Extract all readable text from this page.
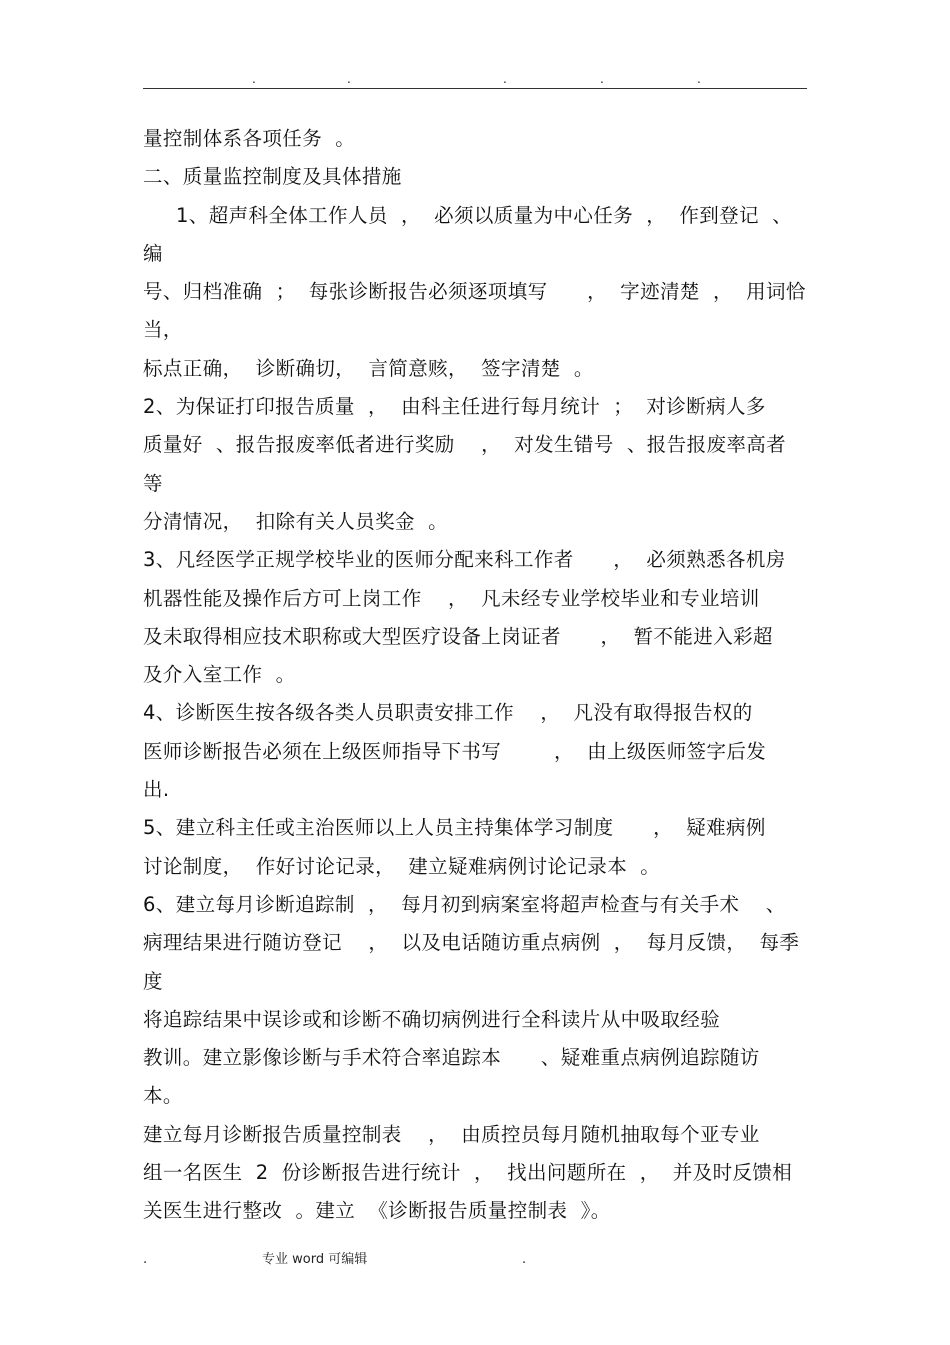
.	.	.	.	.
量控制体系各项任务  。
二、质量监控制度及具体措施
1、超声科全体工作人员  ，  必须以质量为中心任务  ，  作到登记  、
编
号、归档准确  ；  每张诊断报告必须逐项填写      ，  字迹清楚  ，  用词恰
当，
标点正确，  诊断确切，  言简意赅，  签字清楚  。
2、为保证打印报告质量  ，  由科主任进行每月统计  ；  对诊断病人多
质量好  、报告报废率低者进行奖励    ，  对发生错号  、报告报废率高者
等
分清情况，  扣除有关人员奖金  。
3、凡经医学正规学校毕业的医师分配来科工作者      ，  必须熟悉各机房
机器性能及操作后方可上岗工作    ，  凡未经专业学校毕业和专业培训
及未取得相应技术职称或大型医疗设备上岗证者      ，  暂不能进入彩超
及介入室工作  。
4、诊断医生按各级各类人员职责安排工作    ，  凡没有取得报告权的
医师诊断报告必须在上级医师指导下书写        ，  由上级医师签字后发
出.
5、建立科主任或主治医师以上人员主持集体学习制度      ，  疑难病例
讨论制度，  作好讨论记录，  建立疑难病例讨论记录本  。
6、建立每月诊断追踪制  ，  每月初到病案室将超声检查与有关手术    、
病理结果进行随访登记    ，  以及电话随访重点病例  ，  每月反馈，  每季
度
将追踪结果中误诊或和诊断不确切病例进行全科读片从中吸取经验
教训。建立影像诊断与手术符合率追踪本      、疑难重点病例追踪随访
本。
建立每月诊断报告质量控制表    ，  由质控员每月随机抽取每个亚专业
组一名医生  2  份诊断报告进行统计  ，  找出问题所在  ，  并及时反馈相
关医生进行整改  。建立  《诊断报告质量控制表  》。
.	专业 word 可编辑	.
